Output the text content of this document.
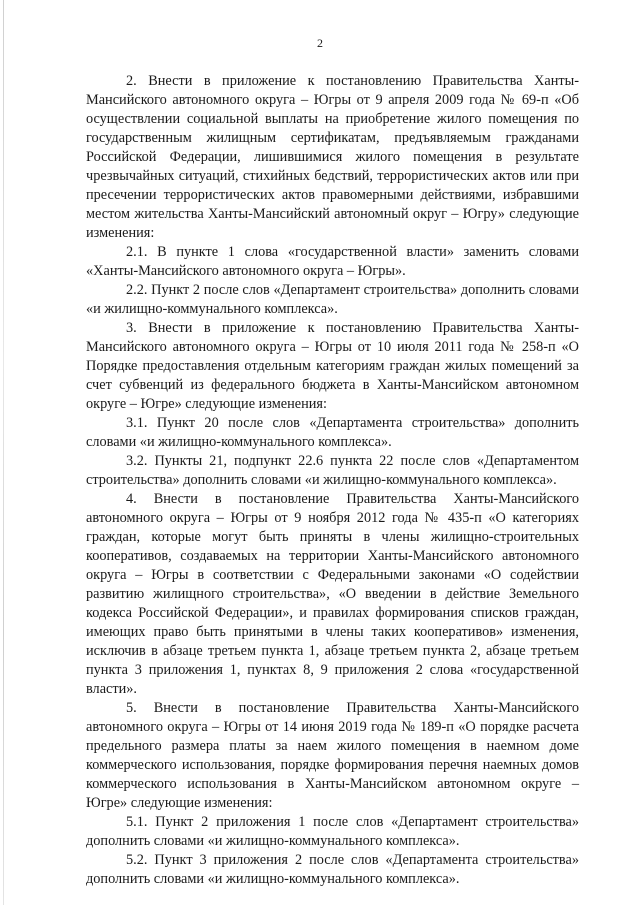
2

2. Внести в приложение к постановлению Правительства Ханты-Мансийского автономного округа – Югры от 9 апреля 2009 года № 69-п «Об осуществлении социальной выплаты на приобретение жилого помещения по государственным жилищным сертификатам, предъявляемым гражданами Российской Федерации, лишившимися жилого помещения в результате чрезвычайных ситуаций, стихийных бедствий, террористических актов или при пресечении террористических актов правомерными действиями, избравшими местом жительства Ханты-Мансийский автономный округ – Югру» следующие изменения:

2.1. В пункте 1 слова «государственной власти» заменить словами «Ханты-Мансийского автономного округа – Югры».

2.2. Пункт 2 после слов «Департамент строительства» дополнить словами «и жилищно-коммунального комплекса».

3. Внести в приложение к постановлению Правительства Ханты-Мансийского автономного округа – Югры от 10 июля 2011 года № 258-п «О Порядке предоставления отдельным категориям граждан жилых помещений за счет субвенций из федерального бюджета в Ханты-Мансийском автономном округе – Югре» следующие изменения:

3.1. Пункт 20 после слов «Департамента строительства» дополнить словами «и жилищно-коммунального комплекса».

3.2. Пункты 21, подпункт 22.6 пункта 22 после слов «Департаментом строительства» дополнить словами «и жилищно-коммунального комплекса».

4. Внести в постановление Правительства Ханты-Мансийского автономного округа – Югры от 9 ноября 2012 года № 435-п «О категориях граждан, которые могут быть приняты в члены жилищно-строительных кооперативов, создаваемых на территории Ханты-Мансийского автономного округа – Югры в соответствии с Федеральными законами «О содействии развитию жилищного строительства», «О введении в действие Земельного кодекса Российской Федерации», и правилах формирования списков граждан, имеющих право быть принятыми в члены таких кооперативов» изменения, исключив в абзаце третьем пункта 1, абзаце третьем пункта 2, абзаце третьем пункта 3 приложения 1, пунктах 8, 9 приложения 2 слова «государственной власти».

5. Внести в постановление Правительства Ханты-Мансийского автономного округа – Югры от 14 июня 2019 года № 189-п «О порядке расчета предельного размера платы за наем жилого помещения в наемном доме коммерческого использования, порядке формирования перечня наемных домов коммерческого использования в Ханты-Мансийском автономном округе – Югре» следующие изменения:

5.1. Пункт 2 приложения 1 после слов «Департамент строительства» дополнить словами «и жилищно-коммунального комплекса».

5.2. Пункт 3 приложения 2 после слов «Департамента строительства» дополнить словами «и жилищно-коммунального комплекса».
